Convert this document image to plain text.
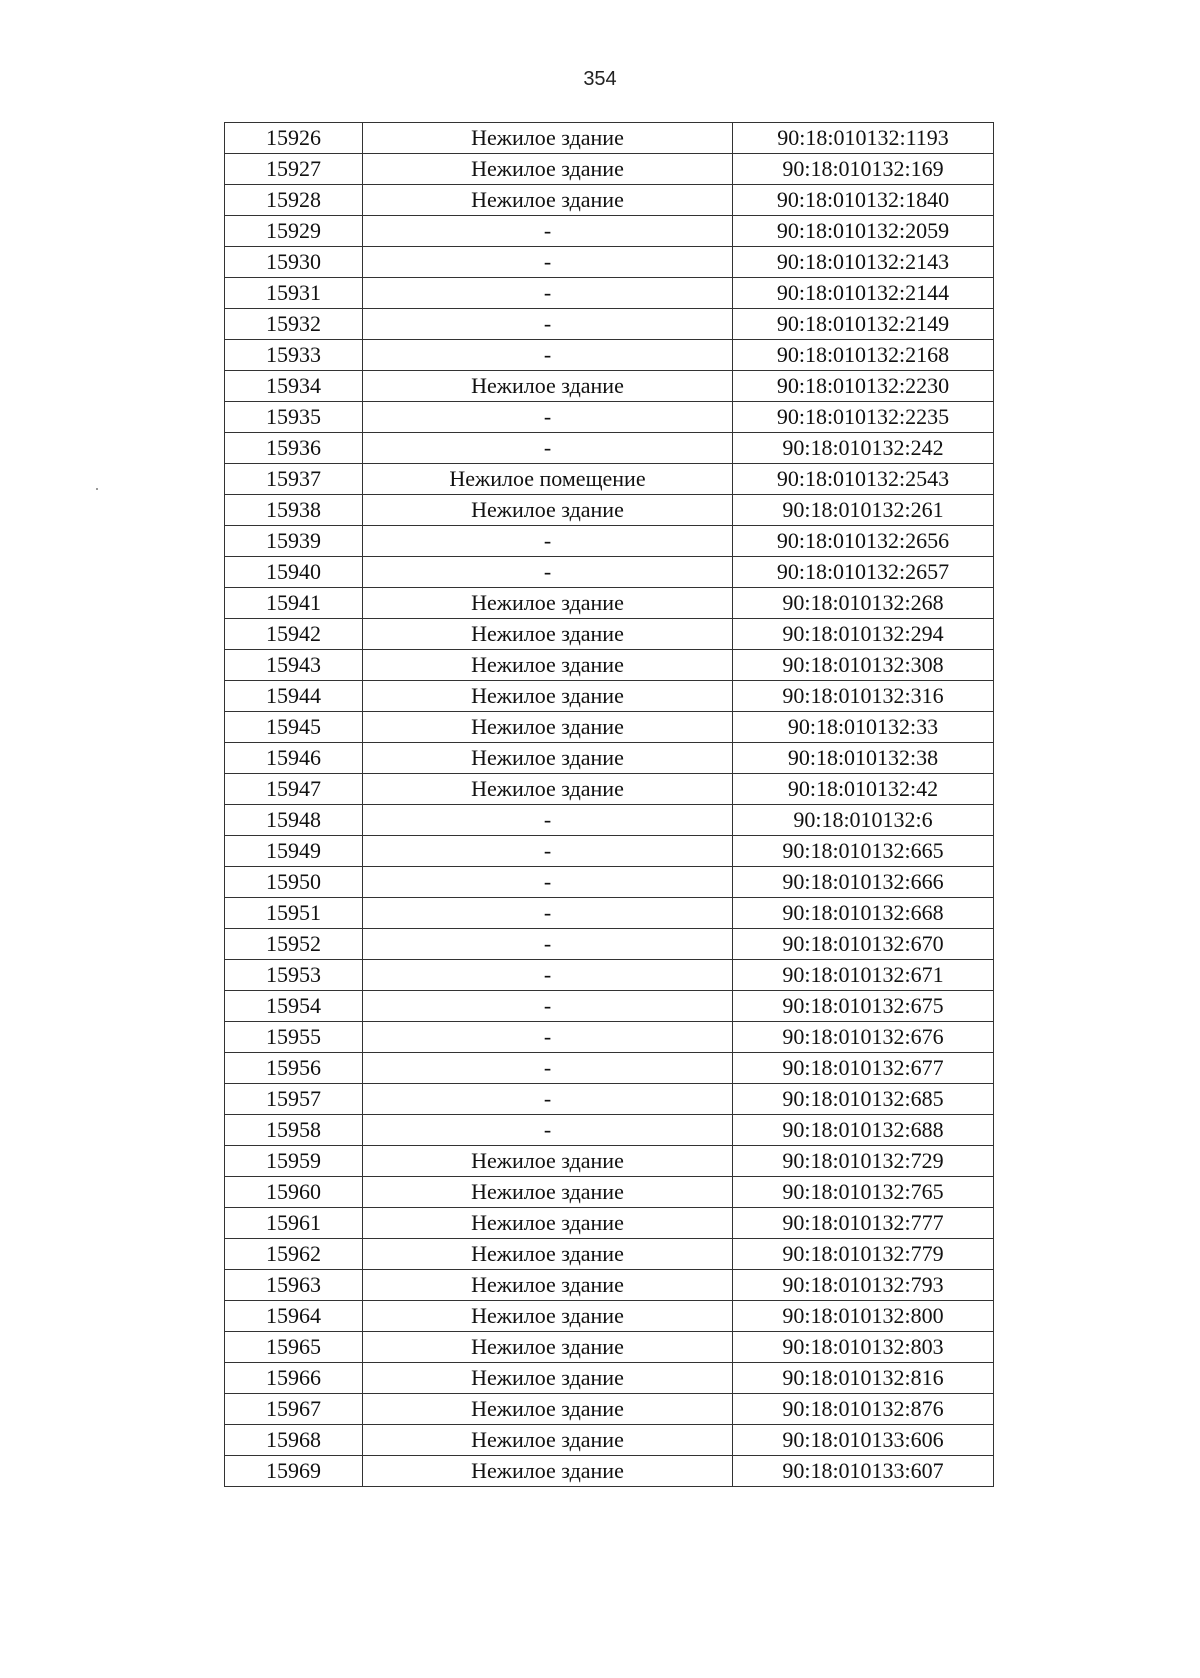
354
15926	Нежилое здание	90:18:010132:1193
15927	Нежилое здание	90:18:010132:169
15928	Нежилое здание	90:18:010132:1840
15929	-	90:18:010132:2059
15930	-	90:18:010132:2143
15931	-	90:18:010132:2144
15932	-	90:18:010132:2149
15933	-	90:18:010132:2168
15934	Нежилое здание	90:18:010132:2230
15935	-	90:18:010132:2235
15936	-	90:18:010132:242
15937	Нежилое помещение	90:18:010132:2543
15938	Нежилое здание	90:18:010132:261
15939	-	90:18:010132:2656
15940	-	90:18:010132:2657
15941	Нежилое здание	90:18:010132:268
15942	Нежилое здание	90:18:010132:294
15943	Нежилое здание	90:18:010132:308
15944	Нежилое здание	90:18:010132:316
15945	Нежилое здание	90:18:010132:33
15946	Нежилое здание	90:18:010132:38
15947	Нежилое здание	90:18:010132:42
15948	-	90:18:010132:6
15949	-	90:18:010132:665
15950	-	90:18:010132:666
15951	-	90:18:010132:668
15952	-	90:18:010132:670
15953	-	90:18:010132:671
15954	-	90:18:010132:675
15955	-	90:18:010132:676
15956	-	90:18:010132:677
15957	-	90:18:010132:685
15958	-	90:18:010132:688
15959	Нежилое здание	90:18:010132:729
15960	Нежилое здание	90:18:010132:765
15961	Нежилое здание	90:18:010132:777
15962	Нежилое здание	90:18:010132:779
15963	Нежилое здание	90:18:010132:793
15964	Нежилое здание	90:18:010132:800
15965	Нежилое здание	90:18:010132:803
15966	Нежилое здание	90:18:010132:816
15967	Нежилое здание	90:18:010132:876
15968	Нежилое здание	90:18:010133:606
15969	Нежилое здание	90:18:010133:607
